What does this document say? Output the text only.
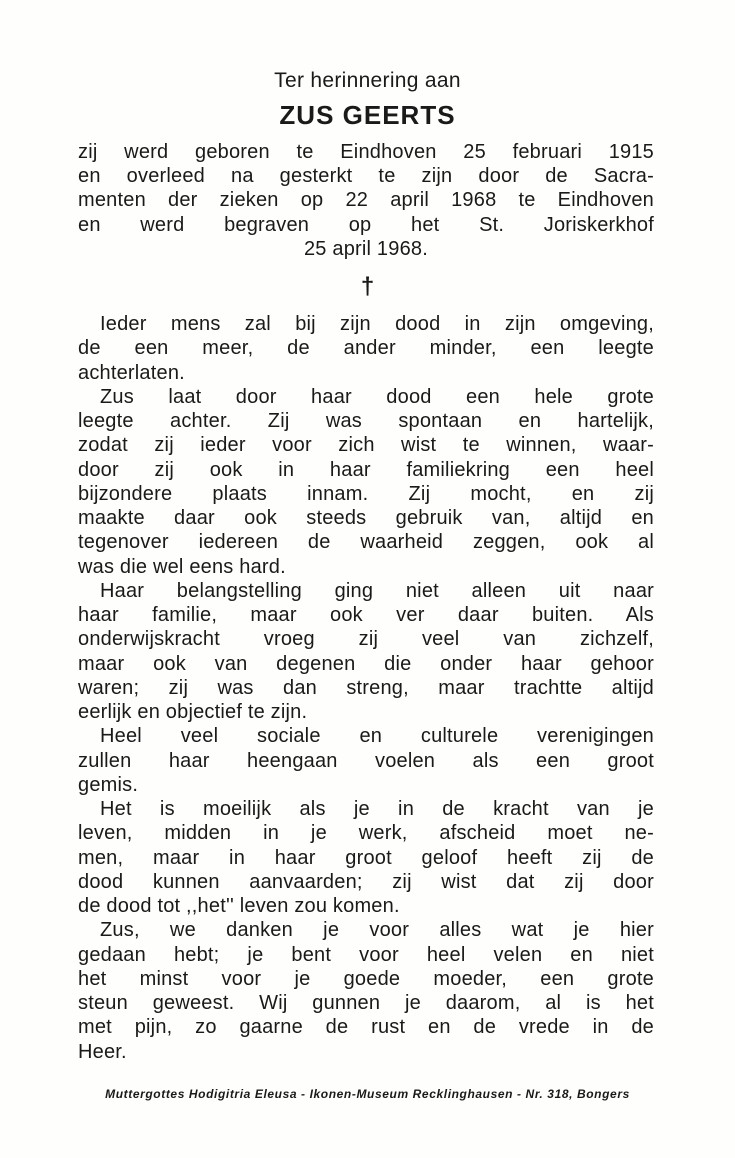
Ter herinnering aan
ZUS GEERTS
zij werd geboren te Eindhoven 25 februari 1915
en overleed na gesterkt te zijn door de Sacra-
menten der zieken op 22 april 1968 te Eindhoven
en werd begraven op het St. Joriskerkhof
25 april 1968.
†
Ieder mens zal bij zijn dood in zijn omgeving,
de een meer, de ander minder, een leegte
achterlaten.
Zus laat door haar dood een hele grote
leegte achter. Zij was spontaan en hartelijk,
zodat zij ieder voor zich wist te winnen, waar-
door zij ook in haar familiekring een heel
bijzondere plaats innam. Zij mocht, en zij
maakte daar ook steeds gebruik van, altijd en
tegenover iedereen de waarheid zeggen, ook al
was die wel eens hard.
Haar belangstelling ging niet alleen uit naar
haar familie, maar ook ver daar buiten. Als
onderwijskracht vroeg zij veel van zichzelf,
maar ook van degenen die onder haar gehoor
waren; zij was dan streng, maar trachtte altijd
eerlijk en objectief te zijn.
Heel veel sociale en culturele verenigingen
zullen haar heengaan voelen als een groot
gemis.
Het is moeilijk als je in de kracht van je
leven, midden in je werk, afscheid moet ne-
men, maar in haar groot geloof heeft zij de
dood kunnen aanvaarden; zij wist dat zij door
de dood tot ,,het'' leven zou komen.
Zus, we danken je voor alles wat je hier
gedaan hebt; je bent voor heel velen en niet
het minst voor je goede moeder, een grote
steun geweest. Wij gunnen je daarom, al is het
met pijn, zo gaarne de rust en de vrede in de
Heer.
Muttergottes Hodigitria Eleusa - Ikonen-Museum Recklinghausen - Nr. 318, Bongers
